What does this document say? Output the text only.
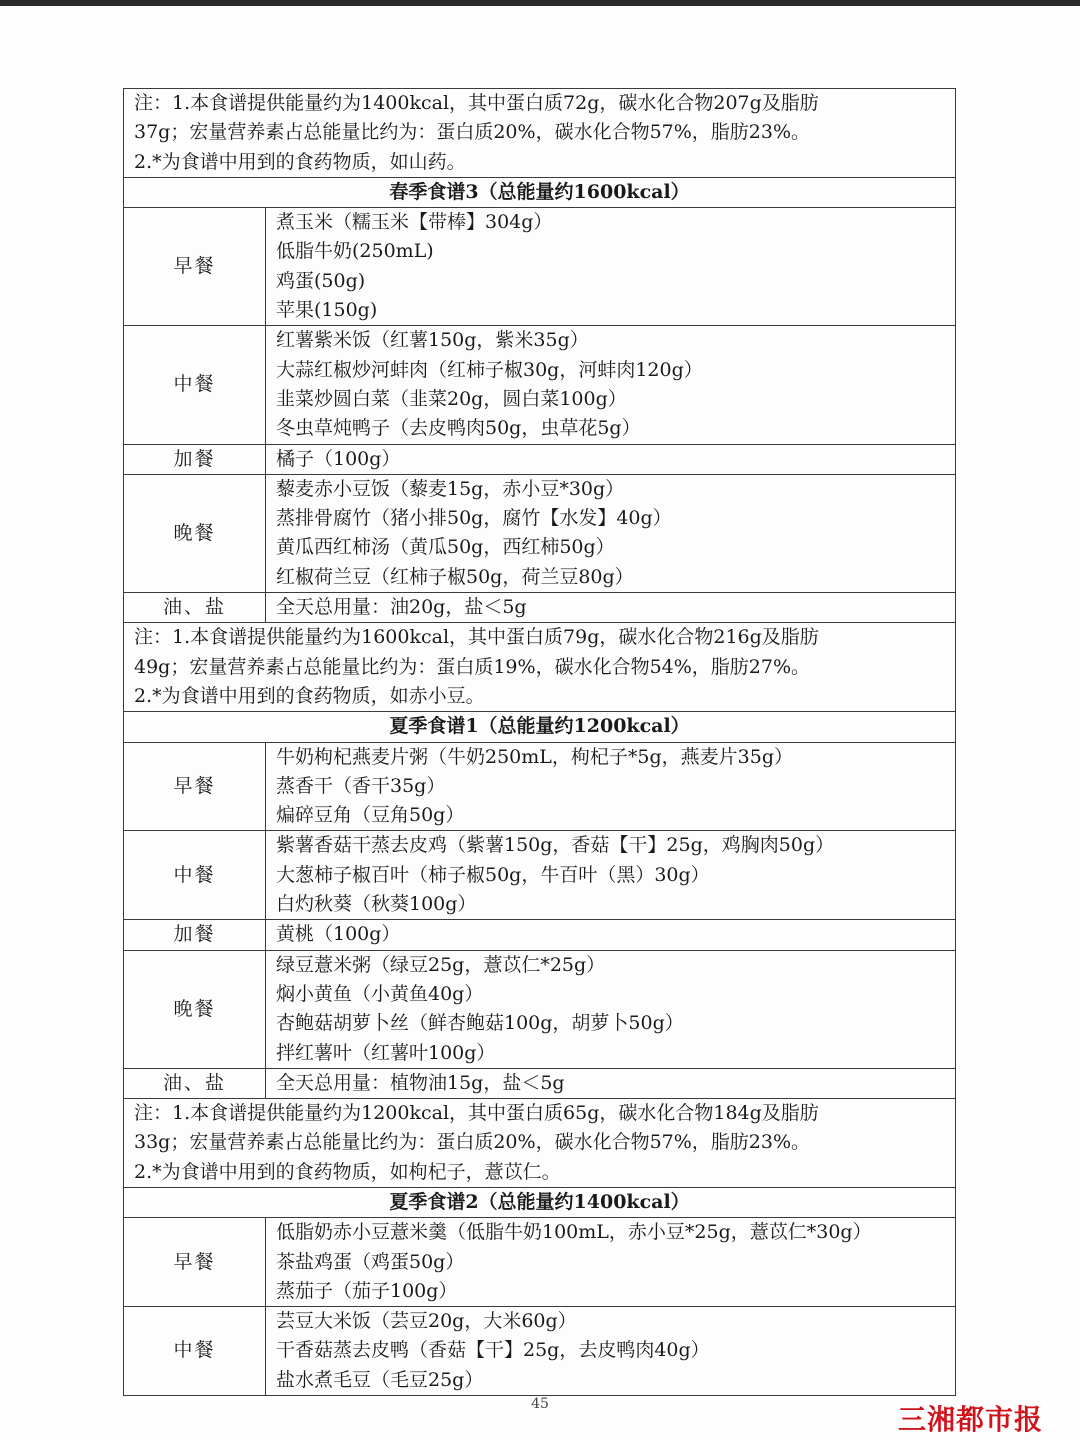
注：1.本食谱提供能量约为1400kcal，其中蛋白质72g，碳水化合物207g及脂肪
37g；宏量营养素占总能量比约为：蛋白质20%，碳水化合物57%，脂肪23%。
2.*为食谱中用到的食药物质，如山药。	

春季食谱3（总能量约1600kcal）	
早餐	煮玉米（糯玉米【带棒】304g）
低脂牛奶(250mL)
鸡蛋(50g)
苹果(150g)

中餐	红薯紫米饭（红薯150g，紫米35g）
大蒜红椒炒河蚌肉（红柿子椒30g，河蚌肉120g）
韭菜炒圆白菜（韭菜20g，圆白菜100g）
冬虫草炖鸭子（去皮鸭肉50g，虫草花5g）

加餐	橘子（100g）

晚餐	藜麦赤小豆饭（藜麦15g，赤小豆*30g）
蒸排骨腐竹（猪小排50g，腐竹【水发】40g）
黄瓜西红柿汤（黄瓜50g，西红柿50g）
红椒荷兰豆（红柿子椒50g，荷兰豆80g）

油、盐	全天总用量：油20g，盐＜5g

注：1.本食谱提供能量约为1600kcal，其中蛋白质79g，碳水化合物216g及脂肪
49g；宏量营养素占总能量比约为：蛋白质19%，碳水化合物54%，脂肪27%。
2.*为食谱中用到的食药物质，如赤小豆。	

夏季食谱1（总能量约1200kcal）	
早餐	牛奶枸杞燕麦片粥（牛奶250mL，枸杞子*5g，燕麦片35g）
蒸香干（香干35g）
煸碎豆角（豆角50g）

中餐	紫薯香菇干蒸去皮鸡（紫薯150g，香菇【干】25g，鸡胸肉50g）
大葱柿子椒百叶（柿子椒50g，牛百叶（黑）30g）
白灼秋葵（秋葵100g）

加餐	黄桃（100g）

晚餐	绿豆薏米粥（绿豆25g，薏苡仁*25g）
焖小黄鱼（小黄鱼40g）
杏鲍菇胡萝卜丝（鲜杏鲍菇100g，胡萝卜50g）
拌红薯叶（红薯叶100g）

油、盐	全天总用量：植物油15g，盐＜5g

注：1.本食谱提供能量约为1200kcal，其中蛋白质65g，碳水化合物184g及脂肪
33g；宏量营养素占总能量比约为：蛋白质20%，碳水化合物57%，脂肪23%。
2.*为食谱中用到的食药物质，如枸杞子，薏苡仁。	

夏季食谱2（总能量约1400kcal）	
早餐	低脂奶赤小豆薏米羹（低脂牛奶100mL，赤小豆*25g，薏苡仁*30g）
茶盐鸡蛋（鸡蛋50g）
蒸茄子（茄子100g）

中餐	芸豆大米饭（芸豆20g，大米60g）
干香菇蒸去皮鸭（香菇【干】25g，去皮鸭肉40g）
盐水煮毛豆（毛豆25g）
45	三湘都市报
